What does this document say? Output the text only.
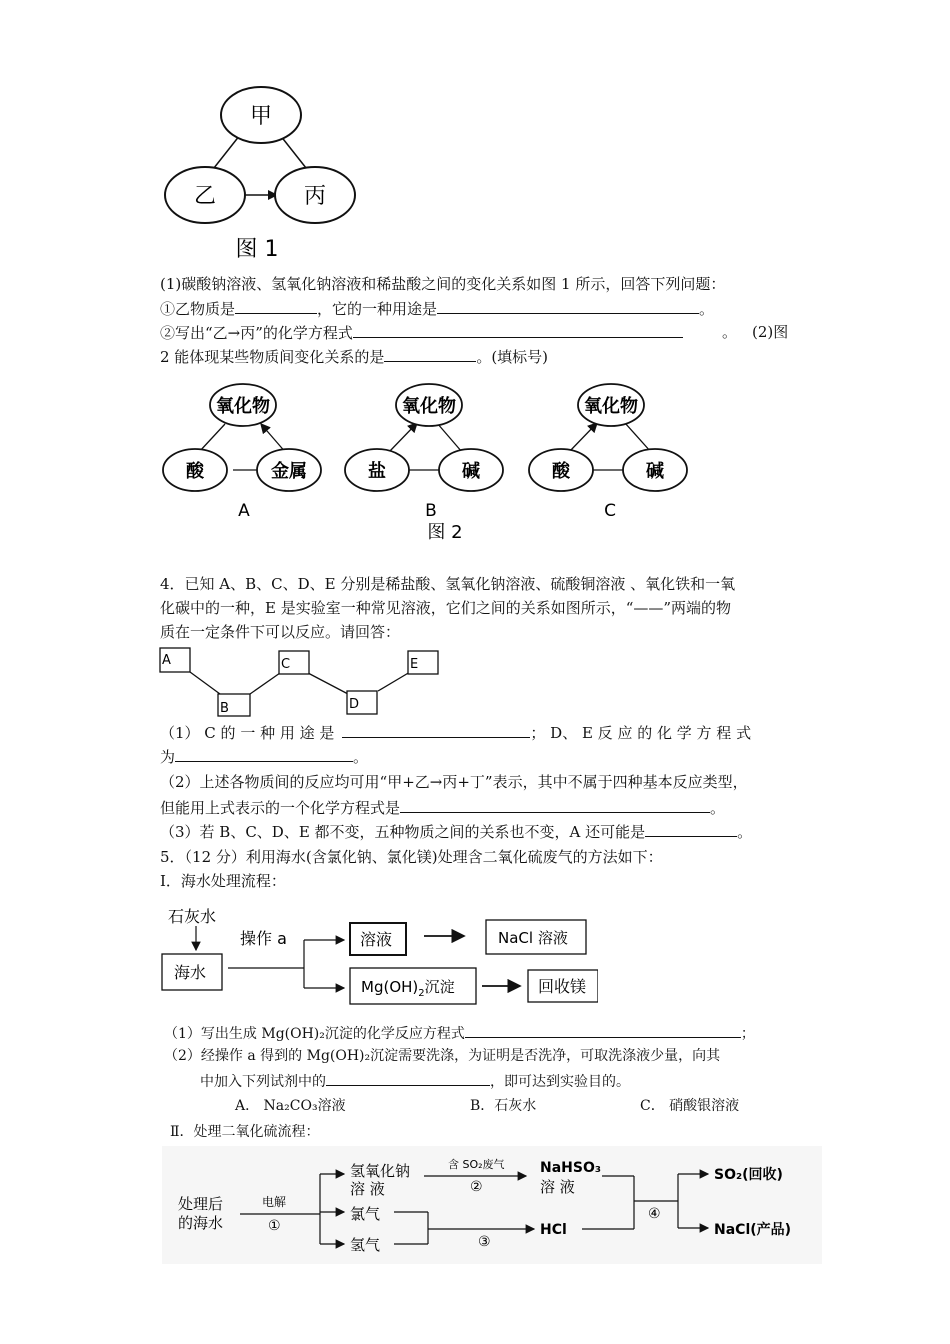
甲
乙	丙
图 1
(1)碳酸钠溶液、氢氧化钠溶液和稀盐酸之间的变化关系如图 1 所示，回答下列问题：
①乙物质是	，它的一种用途是	。
②写出“乙→丙”的化学方程式	。 (2)图
2 能体现某些物质间变化关系的是	。(填标号)
氧化物
酸	金属
A
氧化物
盐	碱
B
氧化物
酸	碱
C
图 2
4．已知 A、B、C、D、E 分别是稀盐酸、氢氧化钠溶液、硫酸铜溶液 、氧化铁和一氧
化碳中的一种，E 是实验室一种常见溶液，它们之间的关系如图所示，“——”两端的物
质在一定条件下可以反应。请回答：
A
B
C
D
E
（1） C 的 一 种 用 途 是	； D、 E 反 应 的 化 学 方 程 式
为	。
（2）上述各物质间的反应均可用“甲+乙→丙+丁”表示，其中不属于四种基本反应类型，
但能用上式表示的一个化学方程式是	。
（3）若 B、C、D、E 都不变，五种物质之间的关系也不变，A 还可能是	。
5．（12 分）利用海水(含氯化钠、氯化镁)处理含二氧化硫废气的方法如下：
Ⅰ．海水处理流程：
石灰水
海水
操作 a	溶液	NaCl 溶液
$Mg(OH)_2$沉淀	回收镁
（1）写出生成 Mg(OH)₂沉淀的化学反应方程式	；
（2）经操作 a 得到的 Mg(OH)₂沉淀需要洗涤，为证明是否洗净，可取洗涤液少量，向其
中加入下列试剂中的	，即可达到实验目的。
A． Na₂CO₃溶液	B．石灰水	C． 硝酸银溶液
Ⅱ．处理二氧化硫流程：
处理后
的海水
电解
①
氢氧化钠
溶 液
氯气
氢气
含 SO₂废气
②
NaHSO₃
溶 液
③
HCl
④
SO₂(回收)
NaCl(产品)
